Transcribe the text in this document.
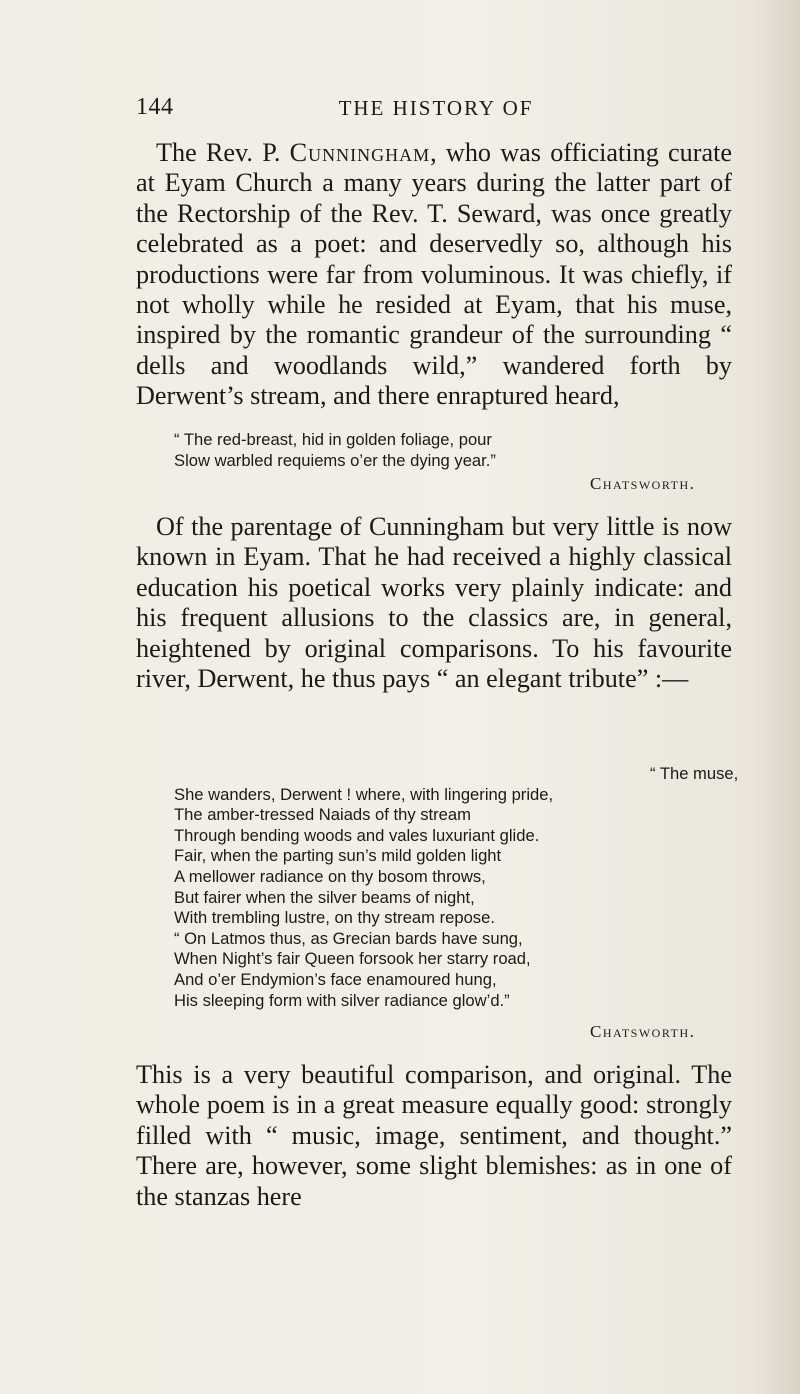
144	THE HISTORY OF

The Rev. P. Cunningham, who was officiating curate at Eyam Church a many years during the latter part of the Rectorship of the Rev. T. Seward, was once greatly celebrated as a poet: and deservedly so, although his productions were far from voluminous. It was chiefly, if not wholly while he resided at Eyam, that his muse, inspired by the romantic grandeur of the surrounding “ dells and woodlands wild,” wandered forth by Derwent’s stream, and there enraptured heard,

“ The red-breast, hid in golden foliage, pour
Slow warbled requiems o’er the dying year.”
Chatsworth.

Of the parentage of Cunningham but very little is now known in Eyam. That he had received a highly classical education his poetical works very plainly indicate: and his frequent allusions to the classics are, in general, heightened by original comparisons. To his favourite river, Derwent, he thus pays “ an elegant tribute” :—

“ The muse,
She wanders, Derwent ! where, with lingering pride,
The amber-tressed Naiads of thy stream
Through bending woods and vales luxuriant glide.
Fair, when the parting sun’s mild golden light
A mellower radiance on thy bosom throws,
But fairer when the silver beams of night,
With trembling lustre, on thy stream repose.
“ On Latmos thus, as Grecian bards have sung,
When Night’s fair Queen forsook her starry road,
And o’er Endymion’s face enamoured hung,
His sleeping form with silver radiance glow’d.”
Chatsworth.

This is a very beautiful comparison, and original. The whole poem is in a great measure equally good: strongly filled with “ music, image, sentiment, and thought.” There are, however, some slight blemishes: as in one of the stanzas here
